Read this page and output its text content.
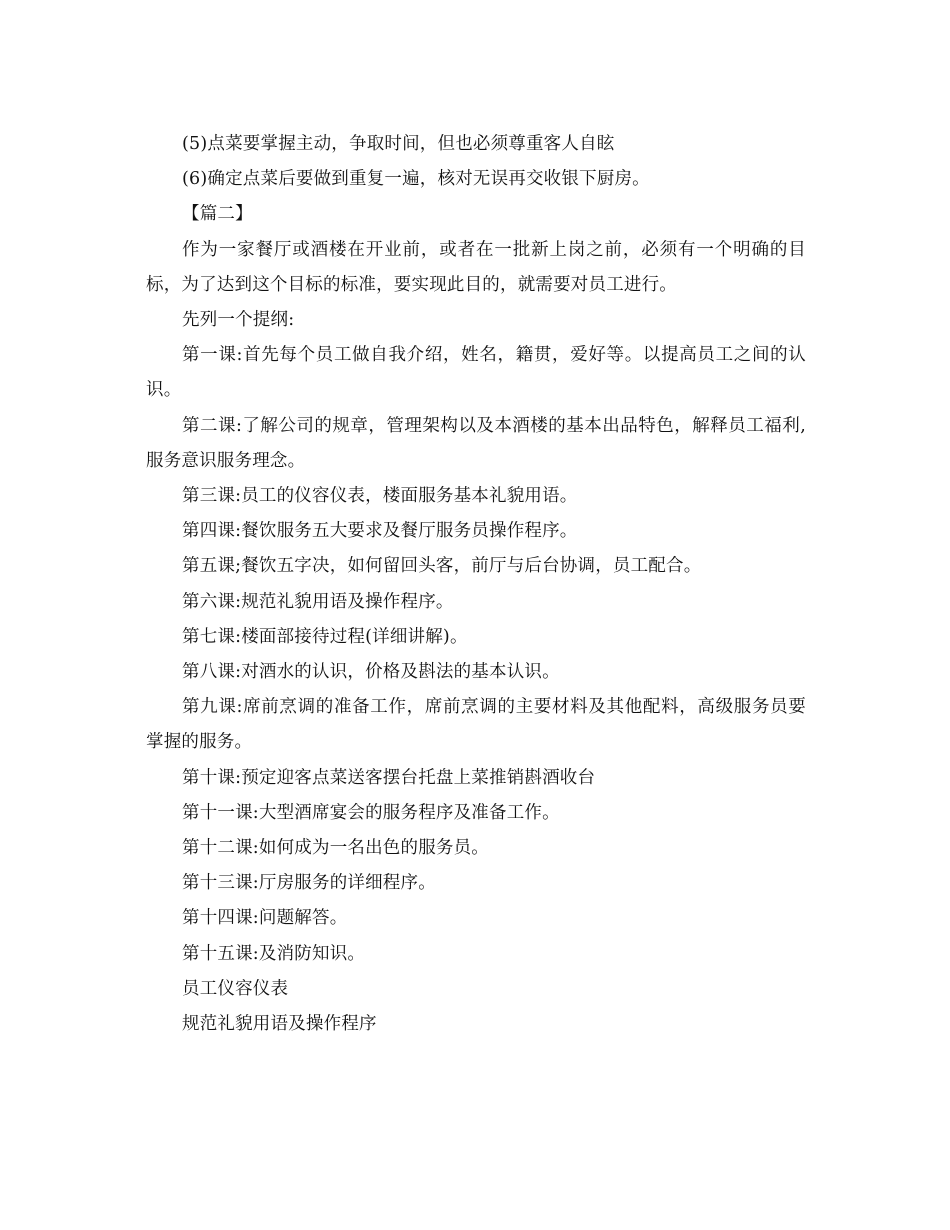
(5)点菜要掌握主动，争取时间，但也必须尊重客人自眩

(6)确定点菜后要做到重复一遍，核对无误再交收银下厨房。

【篇二】

作为一家餐厅或酒楼在开业前，或者在一批新上岗之前，必须有一个明确的目标，为了达到这个目标的标准，要实现此目的，就需要对员工进行。

先列一个提纲:

第一课:首先每个员工做自我介绍，姓名，籍贯，爱好等。以提高员工之间的认识。

第二课:了解公司的规章，管理架构以及本酒楼的基本出品特色，解释员工福利,服务意识服务理念。

第三课:员工的仪容仪表，楼面服务基本礼貌用语。

第四课:餐饮服务五大要求及餐厅服务员操作程序。

第五课;餐饮五字决，如何留回头客，前厅与后台协调，员工配合。

第六课:规范礼貌用语及操作程序。

第七课:楼面部接待过程(详细讲解)。

第八课:对酒水的认识，价格及斟法的基本认识。

第九课:席前烹调的准备工作，席前烹调的主要材料及其他配料，高级服务员要掌握的服务。

第十课:预定迎客点菜送客摆台托盘上菜推销斟酒收台

第十一课:大型酒席宴会的服务程序及准备工作。

第十二课:如何成为一名出色的服务员。

第十三课:厅房服务的详细程序。

第十四课:问题解答。

第十五课:及消防知识。

员工仪容仪表

规范礼貌用语及操作程序
